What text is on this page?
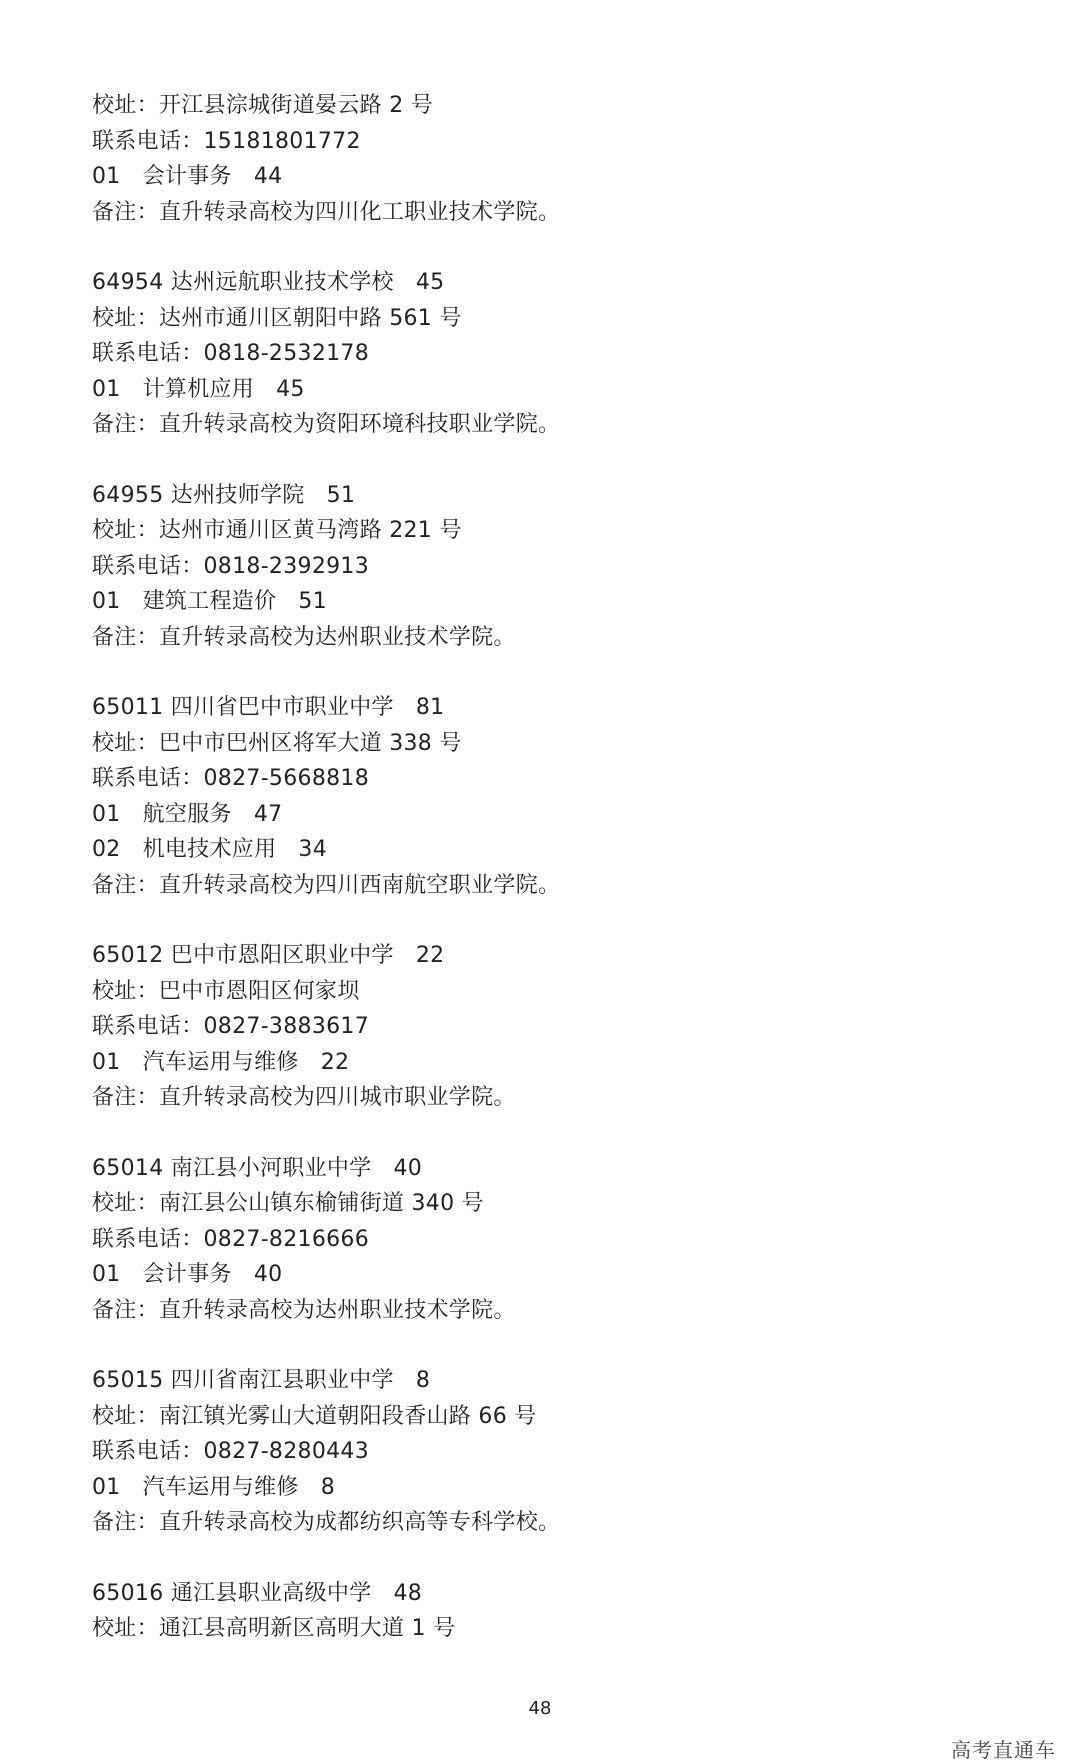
校址：开江县淙城街道晏云路 2 号
联系电话：15181801772
01 会计事务 44
备注：直升转录高校为四川化工职业技术学院。
64954 达州远航职业技术学校 45
校址：达州市通川区朝阳中路 561 号
联系电话：0818-2532178
01 计算机应用 45
备注：直升转录高校为资阳环境科技职业学院。
64955 达州技师学院 51
校址：达州市通川区黄马湾路 221 号
联系电话：0818-2392913
01 建筑工程造价 51
备注：直升转录高校为达州职业技术学院。
65011 四川省巴中市职业中学 81
校址：巴中市巴州区将军大道 338 号
联系电话：0827-5668818
01 航空服务 47
02 机电技术应用 34
备注：直升转录高校为四川西南航空职业学院。
65012 巴中市恩阳区职业中学 22
校址：巴中市恩阳区何家坝
联系电话：0827-3883617
01 汽车运用与维修 22
备注：直升转录高校为四川城市职业学院。
65014 南江县小河职业中学 40
校址：南江县公山镇东榆铺街道 340 号
联系电话：0827-8216666
01 会计事务 40
备注：直升转录高校为达州职业技术学院。
65015 四川省南江县职业中学 8
校址：南江镇光雾山大道朝阳段香山路 66 号
联系电话：0827-8280443
01 汽车运用与维修 8
备注：直升转录高校为成都纺织高等专科学校。
65016 通江县职业高级中学 48
校址：通江县高明新区高明大道 1 号
48
高考直通车
